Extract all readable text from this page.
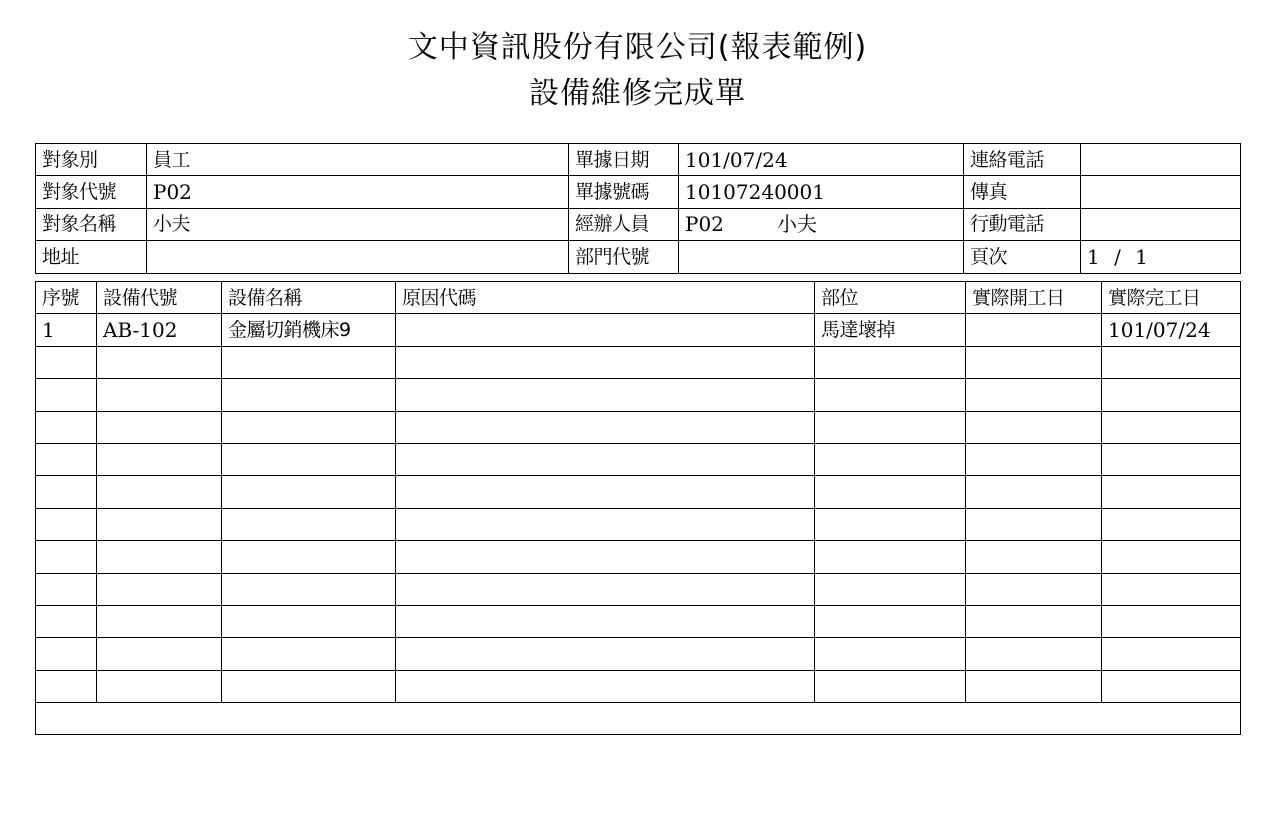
文中資訊股份有限公司(報表範例)
設備維修完成單
對象別	員工	單據日期	101/07/24	連絡電話	
對象代號	P02	單據號碼	10107240001	傳真	
對象名稱	小夫	經辦人員	P02 小夫	行動電話	
地址		部門代號		頁次	1 / 1
序號	設備代號	設備名稱	原因代碼	部位	實際開工日	實際完工日
1	AB-102	金屬切銷機床9		馬達壞掉		101/07/24
